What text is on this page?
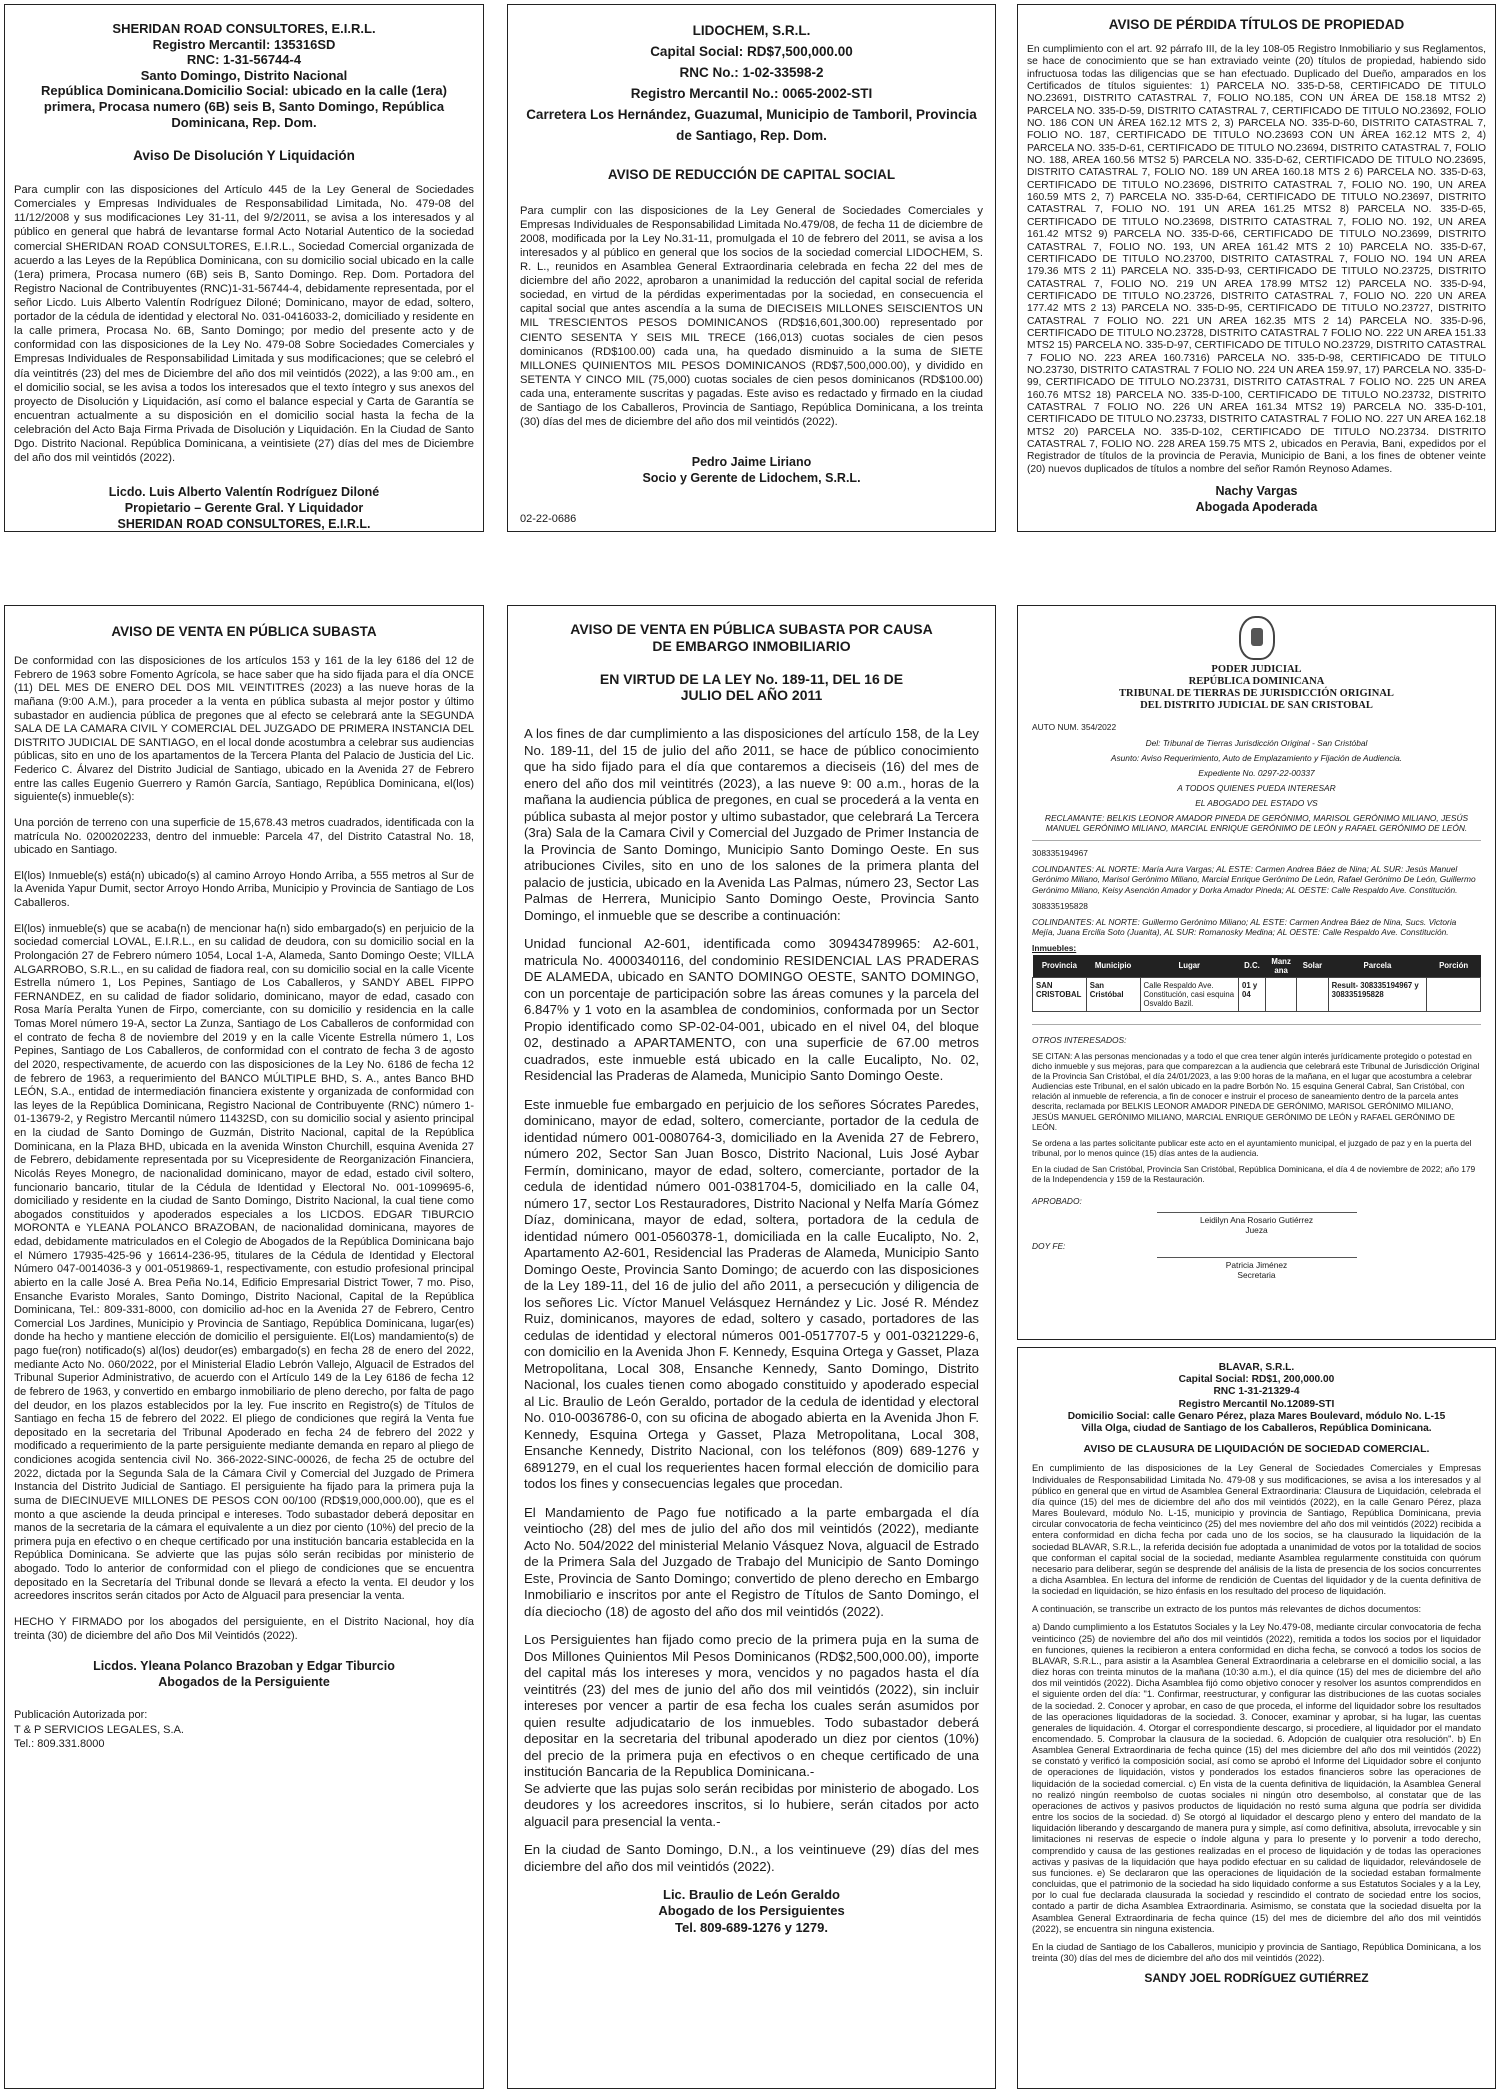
SHERIDAN ROAD CONSULTORES, E.I.R.L.
Registro Mercantil: 135316SD
RNC: 1-31-56744-4
Santo Domingo, Distrito Nacional
República Dominicana.Domicilio Social: ubicado en la calle (1era) primera, Procasa numero (6B) seis B, Santo Domingo, República Dominicana, Rep. Dom.
Aviso De Disolución Y Liquidación
Para cumplir con las disposiciones del Artículo 445 de la Ley General de Sociedades Comerciales y Empresas Individuales de Responsabilidad Limitada, No. 479-08 del 11/12/2008 y sus modificaciones Ley 31-11, del 9/2/2011, se avisa a los interesados y al público en general que habrá de levantarse formal Acto Notarial Autentico de la sociedad comercial SHERIDAN ROAD CONSULTORES, E.I.R.L., Sociedad Comercial organizada de acuerdo a las Leyes de la República Dominicana, con su domicilio social ubicado en la calle (1era) primera, Procasa numero (6B) seis B, Santo Domingo. Rep. Dom. Portadora del Registro Nacional de Contribuyentes (RNC)1-31-56744-4, debidamente representada, por el señor Licdo. Luis Alberto Valentín Rodríguez Diloné; Dominicano, mayor de edad, soltero, portador de la cédula de identidad y electoral No. 031-0416033-2, domiciliado y residente en la calle primera, Procasa No. 6B, Santo Domingo; por medio del presente acto y de conformidad con las disposiciones de la Ley No. 479-08 Sobre Sociedades Comerciales y Empresas Individuales de Responsabilidad Limitada y sus modificaciones; que se celebró el día veintitrés (23) del mes de Diciembre del año dos mil veintidós (2022), a las 9:00 am., en el domicilio social, se les avisa a todos los interesados que el texto íntegro y sus anexos del proyecto de Disolución y Liquidación, así como el balance especial y Carta de Garantía se encuentran actualmente a su disposición en el domicilio social hasta la fecha de la celebración del Acto Baja Firma Privada de Disolución y Liquidación. En la Ciudad de Santo Dgo. Distrito Nacional. República Dominicana, a veintisiete (27) días del mes de Diciembre del año dos mil veintidós (2022).
Licdo. Luis Alberto Valentín Rodríguez Diloné
Propietario – Gerente Gral. Y Liquidador
SHERIDAN ROAD CONSULTORES, E.I.R.L.
LIDOCHEM, S.R.L.
Capital Social: RD$7,500,000.00
RNC No.: 1-02-33598-2
Registro Mercantil No.: 0065-2002-STI
Carretera Los Hernández, Guazumal, Municipio de Tamboril, Provincia de Santiago, Rep. Dom.
AVISO DE REDUCCIÓN DE CAPITAL SOCIAL
Para cumplir con las disposiciones de la Ley General de Sociedades Comerciales y Empresas Individuales de Responsabilidad Limitada No.479/08, de fecha 11 de diciembre de 2008, modificada por la Ley No.31-11, promulgada el 10 de febrero del 2011, se avisa a los interesados y al público en general que los socios de la sociedad comercial LIDOCHEM, S. R. L., reunidos en Asamblea General Extraordinaria celebrada en fecha 22 del mes de diciembre del año 2022, aprobaron a unanimidad la reducción del capital social de referida sociedad, en virtud de la pérdidas experimentadas por la sociedad, en consecuencia el capital social que antes ascendía a la suma de DIECISEIS MILLONES SEISCIENTOS UN MIL TRESCIENTOS PESOS DOMINICANOS (RD$16,601,300.00) representado por CIENTO SESENTA Y SEIS MIL TRECE (166,013) cuotas sociales de cien pesos dominicanos (RD$100.00) cada una, ha quedado disminuido a la suma de SIETE MILLONES QUINIENTOS MIL PESOS DOMINICANOS (RD$7,500,000.00), y dividido en SETENTA Y CINCO MIL (75,000) cuotas sociales de cien pesos dominicanos (RD$100.00) cada una, enteramente suscritas y pagadas. Este aviso es redactado y firmado en la ciudad de Santiago de los Caballeros, Provincia de Santiago, República Dominicana, a los treinta (30) días del mes de diciembre del año dos mil veintidós (2022).
Pedro Jaime Liriano
Socio y Gerente de Lidochem, S.R.L.
02-22-0686
AVISO DE PÉRDIDA TÍTULOS DE PROPIEDAD
En cumplimiento con el art. 92 párrafo III, de la ley 108-05 Registro Inmobiliario y sus Reglamentos, se hace de conocimiento que se han extraviado veinte (20) títulos de propiedad, habiendo sido infructuosa todas las diligencias que se han efectuado. Duplicado del Dueño, amparados en los Certificados de títulos siguientes: 1) PARCELA NO. 335-D-58, CERTIFICADO DE TITULO NO.23691, DISTRITO CATASTRAL 7, FOLIO NO.185, CON UN ÁREA DE 158.18 MTS2 2) PARCELA NO. 335-D-59, DISTRITO CATASTRAL 7, CERTIFICADO DE TITULO NO.23692, FOLIO NO. 186 CON UN ÁREA 162.12 MTS 2, 3) PARCELA NO. 335-D-60, DISTRITO CATASTRAL 7, FOLIO NO. 187, CERTIFICADO DE TITULO NO.23693 CON UN ÁREA 162.12 MTS 2, 4) PARCELA NO. 335-D-61, CERTIFICADO DE TITULO NO.23694, DISTRITO CATASTRAL 7, FOLIO NO. 188, AREA 160.56 MTS2 5) PARCELA NO. 335-D-62, CERTIFICADO DE TITULO NO.23695, DISTRITO CATASTRAL 7, FOLIO NO. 189 UN AREA 160.18 MTS 2 6) PARCELA NO. 335-D-63, CERTIFICADO DE TITULO NO.23696, DISTRITO CATASTRAL 7, FOLIO NO. 190, UN AREA 160.59 MTS 2, 7) PARCELA NO. 335-D-64, CERTIFICADO DE TITULO NO.23697, DISTRITO CATASTRAL 7, FOLIO NO. 191 UN AREA 161.25 MTS2 8) PARCELA NO. 335-D-65, CERTIFICADO DE TITULO NO.23698, DISTRITO CATASTRAL 7, FOLIO NO. 192, UN AREA 161.42 MTS2 9) PARCELA NO. 335-D-66, CERTIFICADO DE TITULO NO.23699, DISTRITO CATASTRAL 7, FOLIO NO. 193, UN AREA 161.42 MTS 2 10) PARCELA NO. 335-D-67, CERTIFICADO DE TITULO NO.23700, DISTRITO CATASTRAL 7, FOLIO NO. 194 UN AREA 179.36 MTS 2 11) PARCELA NO. 335-D-93, CERTIFICADO DE TITULO NO.23725, DISTRITO CATASTRAL 7, FOLIO NO. 219 UN AREA 178.99 MTS2 12) PARCELA NO. 335-D-94, CERTIFICADO DE TITULO NO.23726, DISTRITO CATASTRAL 7, FOLIO NO. 220 UN AREA 177.42 MTS 2 13) PARCELA NO. 335-D-95, CERTIFICADO DE TITULO NO.23727, DISTRITO CATASTRAL 7 FOLIO NO. 221 UN AREA 162.35 MTS 2 14) PARCELA NO. 335-D-96, CERTIFICADO DE TITULO NO.23728, DISTRITO CATASTRAL 7 FOLIO NO. 222 UN AREA 151.33 MTS2 15) PARCELA NO. 335-D-97, CERTIFICADO DE TITULO NO.23729, DISTRITO CATASTRAL 7 FOLIO NO. 223 AREA 160.7316) PARCELA NO. 335-D-98, CERTIFICADO DE TITULO NO.23730, DISTRITO CATASTRAL 7 FOLIO NO. 224 UN AREA 159.97, 17) PARCELA NO. 335-D-99, CERTIFICADO DE TITULO NO.23731, DISTRITO CATASTRAL 7 FOLIO NO. 225 UN AREA 160.76 MTS2 18) PARCELA NO. 335-D-100, CERTIFICADO DE TITULO NO.23732, DISTRITO CATASTRAL 7 FOLIO NO. 226 UN AREA 161.34 MTS2 19) PARCELA NO. 335-D-101, CERTIFICADO DE TITULO NO.23733, DISTRITO CATASTRAL 7 FOLIO NO. 227 UN AREA 162.18 MTS2 20) PARCELA NO. 335-D-102, CERTIFICADO DE TITULO NO.23734. DISTRITO CATASTRAL 7, FOLIO NO. 228 AREA 159.75 MTS 2, ubicados en Peravia, Bani, expedidos por el Registrador de títulos de la provincia de Peravia, Municipio de Bani, a los fines de obtener veinte (20) nuevos duplicados de títulos a nombre del señor Ramón Reynoso Adames.
Nachy Vargas
Abogada Apoderada
AVISO DE VENTA EN PÚBLICA SUBASTA
De conformidad con las disposiciones de los artículos 153 y 161 de la ley 6186 del 12 de Febrero de 1963 sobre Fomento Agrícola, se hace saber que ha sido fijada para el día ONCE (11) DEL MES DE ENERO DEL DOS MIL VEINTITRES (2023) a las nueve horas de la mañana (9:00 A.M.), para proceder a la venta en pública subasta al mejor postor y último subastador en audiencia pública de pregones que al efecto se celebrará ante la SEGUNDA SALA DE LA CAMARA CIVIL Y COMERCIAL DEL JUZGADO DE PRIMERA INSTANCIA DEL DISTRITO JUDICIAL DE SANTIAGO, en el local donde acostumbra a celebrar sus audiencias públicas, sito en uno de los apartamentos de la Tercera Planta del Palacio de Justicia del Lic. Federico C. Álvarez del Distrito Judicial de Santiago, ubicado en la Avenida 27 de Febrero entre las calles Eugenio Guerrero y Ramón García, Santiago, República Dominicana, el(los) siguiente(s) inmueble(s):
Una porción de terreno con una superficie de 15,678.43 metros cuadrados, identificada con la matrícula No. 0200202233, dentro del inmueble: Parcela 47, del Distrito Catastral No. 18, ubicado en Santiago.
El(los) Inmueble(s) está(n) ubicado(s) al camino Arroyo Hondo Arriba, a 555 metros al Sur de la Avenida Yapur Dumit, sector Arroyo Hondo Arriba, Municipio y Provincia de Santiago de Los Caballeros.
El(los) inmueble(s) que se acaba(n) de mencionar ha(n) sido embargado(s) en perjuicio de la sociedad comercial LOVAL, E.I.R.L., en su calidad de deudora, con su domicilio social en la Prolongación 27 de Febrero número 1054, Local 1-A, Alameda, Santo Domingo Oeste; VILLA ALGARROBO, S.R.L., en su calidad de fiadora real, con su domicilio social en la calle Vicente Estrella número 1, Los Pepines, Santiago de Los Caballeros, y SANDY ABEL FIPPO FERNANDEZ, en su calidad de fiador solidario, dominicano, mayor de edad, casado con Rosa María Peralta Yunen de Firpo, comerciante, con su domicilio y residencia en la calle Tomas Morel número 19-A, sector La Zunza, Santiago de Los Caballeros de conformidad con el contrato de fecha 8 de noviembre del 2019 y en la calle Vicente Estrella número 1, Los Pepines, Santiago de Los Caballeros, de conformidad con el contrato de fecha 3 de agosto del 2020, respectivamente, de acuerdo con las disposiciones de la Ley No. 6186 de fecha 12 de febrero de 1963, a requerimiento del BANCO MÚLTIPLE BHD, S. A., antes Banco BHD LEÓN, S.A., entidad de intermediación financiera existente y organizada de conformidad con las leyes de la República Dominicana, Registro Nacional de Contribuyente (RNC) número 1-01-13679-2, y Registro Mercantil número 11432SD, con su domicilio social y asiento principal en la ciudad de Santo Domingo de Guzmán, Distrito Nacional, capital de la República Dominicana, en la Plaza BHD, ubicada en la avenida Winston Churchill, esquina Avenida 27 de Febrero, debidamente representada por su Vicepresidente de Reorganización Financiera, Nicolás Reyes Monegro, de nacionalidad dominicano, mayor de edad, estado civil soltero, funcionario bancario, titular de la Cédula de Identidad y Electoral No. 001-1099695-6, domiciliado y residente en la ciudad de Santo Domingo, Distrito Nacional, la cual tiene como abogados constituidos y apoderados especiales a los LICDOS. EDGAR TIBURCIO MORONTA e YLEANA POLANCO BRAZOBAN, de nacionalidad dominicana, mayores de edad, debidamente matriculados en el Colegio de Abogados de la República Dominicana bajo el Número 17935-425-96 y 16614-236-95, titulares de la Cédula de Identidad y Electoral Número 047-0014036-3 y 001-0519869-1, respectivamente, con estudio profesional principal abierto en la calle José A. Brea Peña No.14, Edificio Empresarial District Tower, 7 mo. Piso, Ensanche Evaristo Morales, Santo Domingo, Distrito Nacional, Capital de la República Dominicana, Tel.: 809-331-8000, con domicilio ad-hoc en la Avenida 27 de Febrero, Centro Comercial Los Jardines, Municipio y Provincia de Santiago, República Dominicana, lugar(es) donde ha hecho y mantiene elección de domicilio el persiguiente. El(Los) mandamiento(s) de pago fue(ron) notificado(s) al(los) deudor(es) embargado(s) en fecha 28 de enero del 2022, mediante Acto No. 060/2022, por el Ministerial Eladio Lebrón Vallejo, Alguacil de Estrados del Tribunal Superior Administrativo, de acuerdo con el Artículo 149 de la Ley 6186 de fecha 12 de febrero de 1963, y convertido en embargo inmobiliario de pleno derecho, por falta de pago del deudor, en los plazos establecidos por la ley. Fue inscrito en Registro(s) de Títulos de Santiago en fecha 15 de febrero del 2022. El pliego de condiciones que regirá la Venta fue depositado en la secretaria del Tribunal Apoderado en fecha 24 de febrero del 2022 y modificado a requerimiento de la parte persiguiente mediante demanda en reparo al pliego de condiciones acogida sentencia civil No. 366-2022-SINC-00026, de fecha 25 de octubre del 2022, dictada por la Segunda Sala de la Cámara Civil y Comercial del Juzgado de Primera Instancia del Distrito Judicial de Santiago. El persiguiente ha fijado para la primera puja la suma de DIECINUEVE MILLONES DE PESOS CON 00/100 (RD$19,000,000.00), que es el monto a que asciende la deuda principal e intereses. Todo subastador deberá depositar en manos de la secretaria de la cámara el equivalente a un diez por ciento (10%) del precio de la primera puja en efectivo o en cheque certificado por una institución bancaria establecida en la República Dominicana. Se advierte que las pujas sólo serán recibidas por ministerio de abogado. Todo lo anterior de conformidad con el pliego de condiciones que se encuentra depositado en la Secretaría del Tribunal donde se llevará a efecto la venta. El deudor y los acreedores inscritos serán citados por Acto de Alguacil para presenciar la venta.
HECHO Y FIRMADO por los abogados del persiguiente, en el Distrito Nacional, hoy día treinta (30) de diciembre del año Dos Mil Veintidós (2022).
Licdos. Yleana Polanco Brazoban y Edgar Tiburcio
Abogados de la Persiguiente
Publicación Autorizada por:
T & P SERVICIOS LEGALES, S.A.
Tel.: 809.331.8000
AVISO DE VENTA EN PÚBLICA SUBASTA POR CAUSA
DE EMBARGO INMOBILIARIO
EN VIRTUD DE LA LEY No. 189-11, DEL 16 DE
JULIO DEL AÑO 2011
A los fines de dar cumplimiento a las disposiciones del artículo 158, de la Ley No. 189-11, del 15 de julio del año 2011, se hace de público conocimiento que ha sido fijado para el día que contaremos a dieciseis (16) del mes de enero del año dos mil veintitrés (2023), a las nueve 9: 00 a.m., horas de la mañana la audiencia pública de pregones, en cual se procederá a la venta en pública subasta al mejor postor y ultimo subastador, que celebrará La Tercera (3ra) Sala de la Camara Civil y Comercial del Juzgado de Primer Instancia de la Provincia de Santo Domingo, Municipio Santo Domingo Oeste. En sus atribuciones Civiles, sito en uno de los salones de la primera planta del palacio de justicia, ubicado en la Avenida Las Palmas, número 23, Sector Las Palmas de Herrera, Municipio Santo Domingo Oeste, Provincia Santo Domingo, el inmueble que se describe a continuación:
Unidad funcional A2-601, identificada como 309434789965: A2-601, matricula No. 4000340116, del condominio RESIDENCIAL LAS PRADERAS DE ALAMEDA, ubicado en SANTO DOMINGO OESTE, SANTO DOMINGO, con un porcentaje de participación sobre las áreas comunes y la parcela del 6.847% y 1 voto en la asamblea de condominios, conformada por un Sector Propio identificado como SP-02-04-001, ubicado en el nivel 04, del bloque 02, destinado a APARTAMENTO, con una superficie de 67.00 metros cuadrados, este inmueble está ubicado en la calle Eucalipto, No. 02, Residencial las Praderas de Alameda, Municipio Santo Domingo Oeste.
Este inmueble fue embargado en perjuicio de los señores Sócrates Paredes, dominicano, mayor de edad, soltero, comerciante, portador de la cedula de identidad número 001-0080764-3, domiciliado en la Avenida 27 de Febrero, número 202, Sector San Juan Bosco, Distrito Nacional, Luis José Aybar Fermín, dominicano, mayor de edad, soltero, comerciante, portador de la cedula de identidad número 001-0381704-5, domiciliado en la calle 04, número 17, sector Los Restauradores, Distrito Nacional y Nelfa María Gómez Díaz, dominicana, mayor de edad, soltera, portadora de la cedula de identidad número 001-0560378-1, domiciliada en la calle Eucalipto, No. 2, Apartamento A2-601, Residencial las Praderas de Alameda, Municipio Santo Domingo Oeste, Provincia Santo Domingo; de acuerdo con las disposiciones de la Ley 189-11, del 16 de julio del año 2011, a persecución y diligencia de los señores Lic. Víctor Manuel Velásquez Hernández y Lic. José R. Méndez Ruiz, dominicanos, mayores de edad, soltero y casado, portadores de las cedulas de identidad y electoral números 001-0517707-5 y 001-0321229-6, con domicilio en la Avenida Jhon F. Kennedy, Esquina Ortega y Gasset, Plaza Metropolitana, Local 308, Ensanche Kennedy, Santo Domingo, Distrito Nacional, los cuales tienen como abogado constituido y apoderado especial al Lic. Braulio de León Geraldo, portador de la cedula de identidad y electoral No. 010-0036786-0, con su oficina de abogado abierta en la Avenida Jhon F. Kennedy, Esquina Ortega y Gasset, Plaza Metropolitana, Local 308, Ensanche Kennedy, Distrito Nacional, con los teléfonos (809) 689-1276 y 6891279, en el cual los requerientes hacen formal elección de domicilio para todos los fines y consecuencias legales que procedan.
El Mandamiento de Pago fue notificado a la parte embargada el día veintiocho (28) del mes de julio del año dos mil veintidós (2022), mediante Acto No. 504/2022 del ministerial Melanio Vásquez Nova, alguacil de Estrado de la Primera Sala del Juzgado de Trabajo del Municipio de Santo Domingo Este, Provincia de Santo Domingo; convertido de pleno derecho en Embargo Inmobiliario e inscritos por ante el Registro de Títulos de Santo Domingo, el día dieciocho (18) de agosto del año dos mil veintidós (2022).
Los Persiguientes han fijado como precio de la primera puja en la suma de Dos Millones Quinientos Mil Pesos Dominicanos (RD$2,500,000.00), importe del capital más los intereses y mora, vencidos y no pagados hasta el día veintitrés (23) del mes de junio del año dos mil veintidós (2022), sin incluir intereses por vencer a partir de esa fecha los cuales serán asumidos por quien resulte adjudicatario de los inmuebles. Todo subastador deberá depositar en la secretaria del tribunal apoderado un diez por cientos (10%) del precio de la primera puja en efectivos o en cheque certificado de una institución Bancaria de la Republica Dominicana.-
Se advierte que las pujas solo serán recibidas por ministerio de abogado. Los deudores y los acreedores inscritos, si lo hubiere, serán citados por acto alguacil para presencial la venta.-
En la ciudad de Santo Domingo, D.N., a los veintinueve (29) días del mes diciembre del año dos mil veintidós (2022).
Lic. Braulio de León Geraldo
Abogado de los Persiguientes
Tel. 809-689-1276 y 1279.
PODER JUDICIAL
REPÚBLICA DOMINICANA
TRIBUNAL DE TIERRAS DE JURISDICCIÓN ORIGINAL
DEL DISTRITO JUDICIAL DE SAN CRISTOBAL
AUTO NUM. 354/2022
Del: Tribunal de Tierras Jurisdicción Original - San Cristóbal
Asunto: Aviso Requerimiento, Auto de Emplazamiento y Fijación de Audiencia.
Expediente No. 0297-22-00337
A TODOS QUIENES PUEDA INTERESAR
EL ABOGADO DEL ESTADO VS
RECLAMANTE: BELKIS LEONOR AMADOR PINEDA DE GERÓNIMO, MARISOL GERÓNIMO MILIANO, JESÚS MANUEL GERÓNIMO MILIANO, MARCIAL ENRIQUE GERÓNIMO DE LEÓN y RAFAEL GERÓNIMO DE LEÓN.
308335194967
COLINDANTES: AL NORTE: María Aura Vargas; AL ESTE: Carmen Andrea Báez de Nina; AL SUR: Jesús Manuel Gerónimo Miliano, Marisol Gerónimo Miliano, Marcial Enrique Gerónimo De León, Rafael Gerónimo De León, Guillermo Gerónimo Miliano, Keisy Asención Amador y Dorka Amador Pineda; AL OESTE: Calle Respaldo Ave. Constitución.
308335195828
COLINDANTES: AL NORTE: Guillermo Gerónimo Miliano; AL ESTE: Carmen Andrea Báez de Nina, Sucs. Victoria Mejía, Juana Ercilia Soto (Juanita), AL SUR: Romanosky Medina; AL OESTE: Calle Respaldo Ave. Constitución.
Inmuebles:
Provincia	Municipio	Lugar	D.C.	Manz ana	Solar	Parcela	Porción
SAN CRISTOBAL	San Cristóbal	Calle Respaldo Ave. Constitución, casi esquina Osvaldo Bazil.	01 y 04			Result- 308335194967 y 308335195828	
OTROS INTERESADOS:
SE CITAN: A las personas mencionadas y a todo el que crea tener algún interés jurídicamente protegido o potestad en dicho inmueble y sus mejoras, para que comparezcan a la audiencia que celebrará este Tribunal de Jurisdicción Original de la Provincia San Cristóbal, el día 24/01/2023, a las 9:00 horas de la mañana, en el lugar que acostumbra a celebrar Audiencias este Tribunal, en el salón ubicado en la padre Borbón No. 15 esquina General Cabral, San Cristóbal, con relación al inmueble de referencia, a fin de conocer e instruir el proceso de saneamiento dentro de la parcela antes descrita, reclamada por BELKIS LEONOR AMADOR PINEDA DE GERÓNIMO, MARISOL GERÓNIMO MILIANO, JESÚS MANUEL GERÓNIMO MILIANO, MARCIAL ENRIQUE GERÓNIMO DE LEÓN y RAFAEL GERÓNIMO DE LEÓN.
Se ordena a las partes solicitante publicar este acto en el ayuntamiento municipal, el juzgado de paz y en la puerta del tribunal, por lo menos quince (15) días antes de la audiencia.
En la ciudad de San Cristóbal, Provincia San Cristóbal, República Dominicana, el día 4 de noviembre de 2022; año 179 de la Independencia y 159 de la Restauración.
APROBADO:
Leidilyn Ana Rosario Gutiérrez
Jueza
DOY FE:
Patricia Jiménez
Secretaria
BLAVAR, S.R.L.
Capital Social: RD$1, 200,000.00
RNC 1-31-21329-4
Registro Mercantil No.12089-STI
Domicilio Social: calle Genaro Pérez, plaza Mares Boulevard, módulo No. L-15
Villa Olga, ciudad de Santiago de los Caballeros, República Dominicana.
AVISO DE CLAUSURA DE LIQUIDACIÓN DE SOCIEDAD COMERCIAL.
En cumplimiento de las disposiciones de la Ley General de Sociedades Comerciales y Empresas Individuales de Responsabilidad Limitada No. 479-08 y sus modificaciones, se avisa a los interesados y al público en general que en virtud de Asamblea General Extraordinaria: Clausura de Liquidación, celebrada el día quince (15) del mes de diciembre del año dos mil veintidós (2022), en la calle Genaro Pérez, plaza Mares Boulevard, módulo No. L-15, municipio y provincia de Santiago, República Dominicana, previa circular convocatoria de fecha veinticinco (25) del mes noviembre del año dos mil veintidós (2022) recibida a entera conformidad en dicha fecha por cada uno de los socios, se ha clausurado la liquidación de la sociedad BLAVAR, S.R.L., la referida decisión fue adoptada a unanimidad de votos por la totalidad de socios que conforman el capital social de la sociedad, mediante Asamblea regularmente constituida con quórum necesario para deliberar, según se desprende del análisis de la lista de presencia de los socios concurrentes a dicha Asamblea. En lectura del informe de rendición de Cuentas del liquidador y de la cuenta definitiva de la sociedad en liquidación, se hizo énfasis en los resultado del proceso de liquidación.
A continuación, se transcribe un extracto de los puntos más relevantes de dichos documentos:
a) Dando cumplimiento a los Estatutos Sociales y la Ley No.479-08, mediante circular convocatoria de fecha veinticinco (25) de noviembre del año dos mil veintidós (2022), remitida a todos los socios por el liquidador en funciones, quienes la recibieron a entera conformidad en dicha fecha, se convocó a todos los socios de BLAVAR, S.R.L., para asistir a la Asamblea General Extraordinaria a celebrarse en el domicilio social, a las diez horas con treinta minutos de la mañana (10:30 a.m.), el día quince (15) del mes de diciembre del año dos mil veintidós (2022). Dicha Asamblea fijó como objetivo conocer y resolver los asuntos comprendidos en el siguiente orden del día: "1. Confirmar, reestructurar, y configurar las distribuciones de las cuotas sociales de la sociedad. 2. Conocer y aprobar, en caso de que proceda, el informe del liquidador sobre los resultados de las operaciones liquidadoras de la sociedad. 3. Conocer, examinar y aprobar, si ha lugar, las cuentas generales de liquidación. 4. Otorgar el correspondiente descargo, si procediere, al liquidador por el mandato encomendado. 5. Comprobar la clausura de la sociedad. 6. Adopción de cualquier otra resolución". b) En Asamblea General Extraordinaria de fecha quince (15) del mes diciembre del año dos mil veintidós (2022) se constató y verificó la composición social, así como se aprobó el Informe del Liquidador sobre el conjunto de operaciones de liquidación, vistos y ponderados los estados financieros sobre las operaciones de liquidación de la sociedad comercial. c) En vista de la cuenta definitiva de liquidación, la Asamblea General no realizó ningún reembolso de cuotas sociales ni ningún otro desembolso, al constatar que de las operaciones de activos y pasivos productos de liquidación no restó suma alguna que podría ser dividida entre los socios de la sociedad. d) Se otorgó al liquidador el descargo pleno y entero del mandato de la liquidación liberando y descargando de manera pura y simple, así como definitiva, absoluta, irrevocable y sin limitaciones ni reservas de especie o índole alguna y para lo presente y lo porvenir a todo derecho, comprendido y causa de las gestiones realizadas en el proceso de liquidación y de todas las operaciones activas y pasivas de la liquidación que haya podido efectuar en su calidad de liquidador, relevándosele de sus funciones. e) Se declararon que las operaciones de liquidación de la sociedad estaban formalmente concluidas, que el patrimonio de la sociedad ha sido liquidado conforme a sus Estatutos Sociales y a la Ley, por lo cual fue declarada clausurada la sociedad y rescindido el contrato de sociedad entre los socios, contado a partir de dicha Asamblea Extraordinaria. Asimismo, se constata que la sociedad disuelta por la Asamblea General Extraordinaria de fecha quince (15) del mes de diciembre del año dos mil veintidós (2022), se encuentra sin ninguna existencia.
En la ciudad de Santiago de los Caballeros, municipio y provincia de Santiago, República Dominicana, a los treinta (30) días del mes de diciembre del año dos mil veintidós (2022).
SANDY JOEL RODRÍGUEZ GUTIÉRREZ
